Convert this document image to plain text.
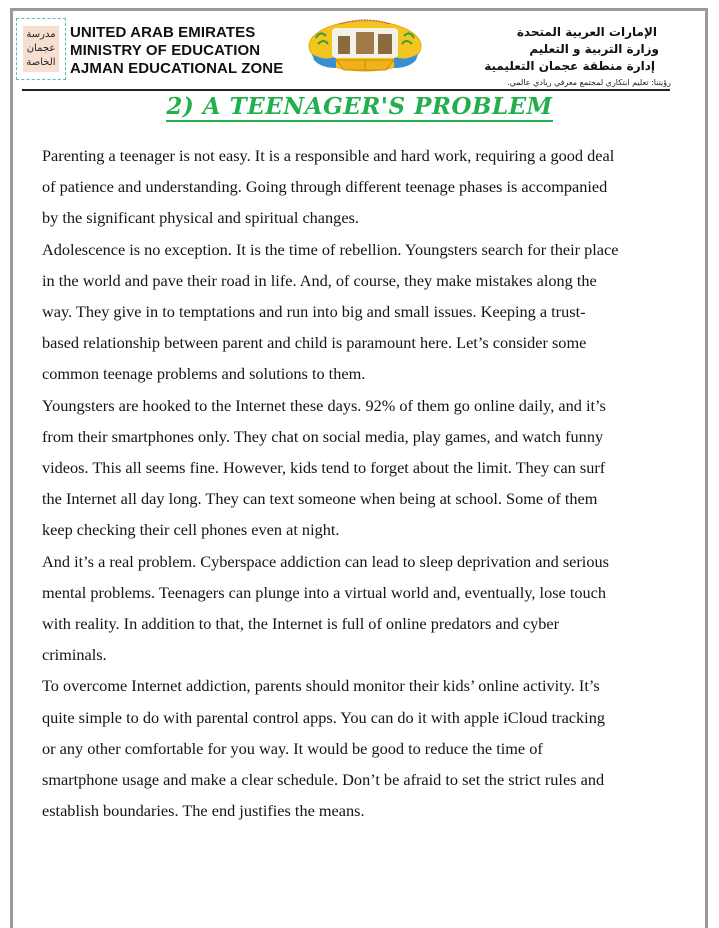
مدرسة
عجمان
الخاصة
UNITED ARAB EMIRATES
MINISTRY OF EDUCATION
AJMAN EDUCATIONAL ZONE
الإمارات العربية المتحدة
وزارة التربية و التعليم
إدارة منطقة عجمان التعليمية
رؤيتنا: تعليم ابتكاري لمجتمع معرفي ريادي عالمي.
2) A TEENAGER'S PROBLEM

Parenting a teenager is not easy. It is a responsible and hard work, requiring a good deal
of patience and understanding. Going through different teenage phases is accompanied
by the significant physical and spiritual changes.

Adolescence is no exception. It is the time of rebellion. Youngsters search for their place
in the world and pave their road in life. And, of course, they make mistakes along the
way. They give in to temptations and run into big and small issues. Keeping a trust-
based relationship between parent and child is paramount here. Let’s consider some
common teenage problems and solutions to them.

Youngsters are hooked to the Internet these days. 92% of them go online daily, and it’s
from their smartphones only. They chat on social media, play games, and watch funny
videos. This all seems fine. However, kids tend to forget about the limit. They can surf
the Internet all day long. They can text someone when being at school. Some of them
keep checking their cell phones even at night.

And it’s a real problem. Cyberspace addiction can lead to sleep deprivation and serious
mental problems. Teenagers can plunge into a virtual world and, eventually, lose touch
with reality. In addition to that, the Internet is full of online predators and cyber
criminals.

To overcome Internet addiction, parents should monitor their kids’ online activity. It’s
quite simple to do with parental control apps. You can do it with apple iCloud tracking
or any other comfortable for you way. It would be good to reduce the time of
smartphone usage and make a clear schedule. Don’t be afraid to set the strict rules and
establish boundaries. The end justifies the means.
